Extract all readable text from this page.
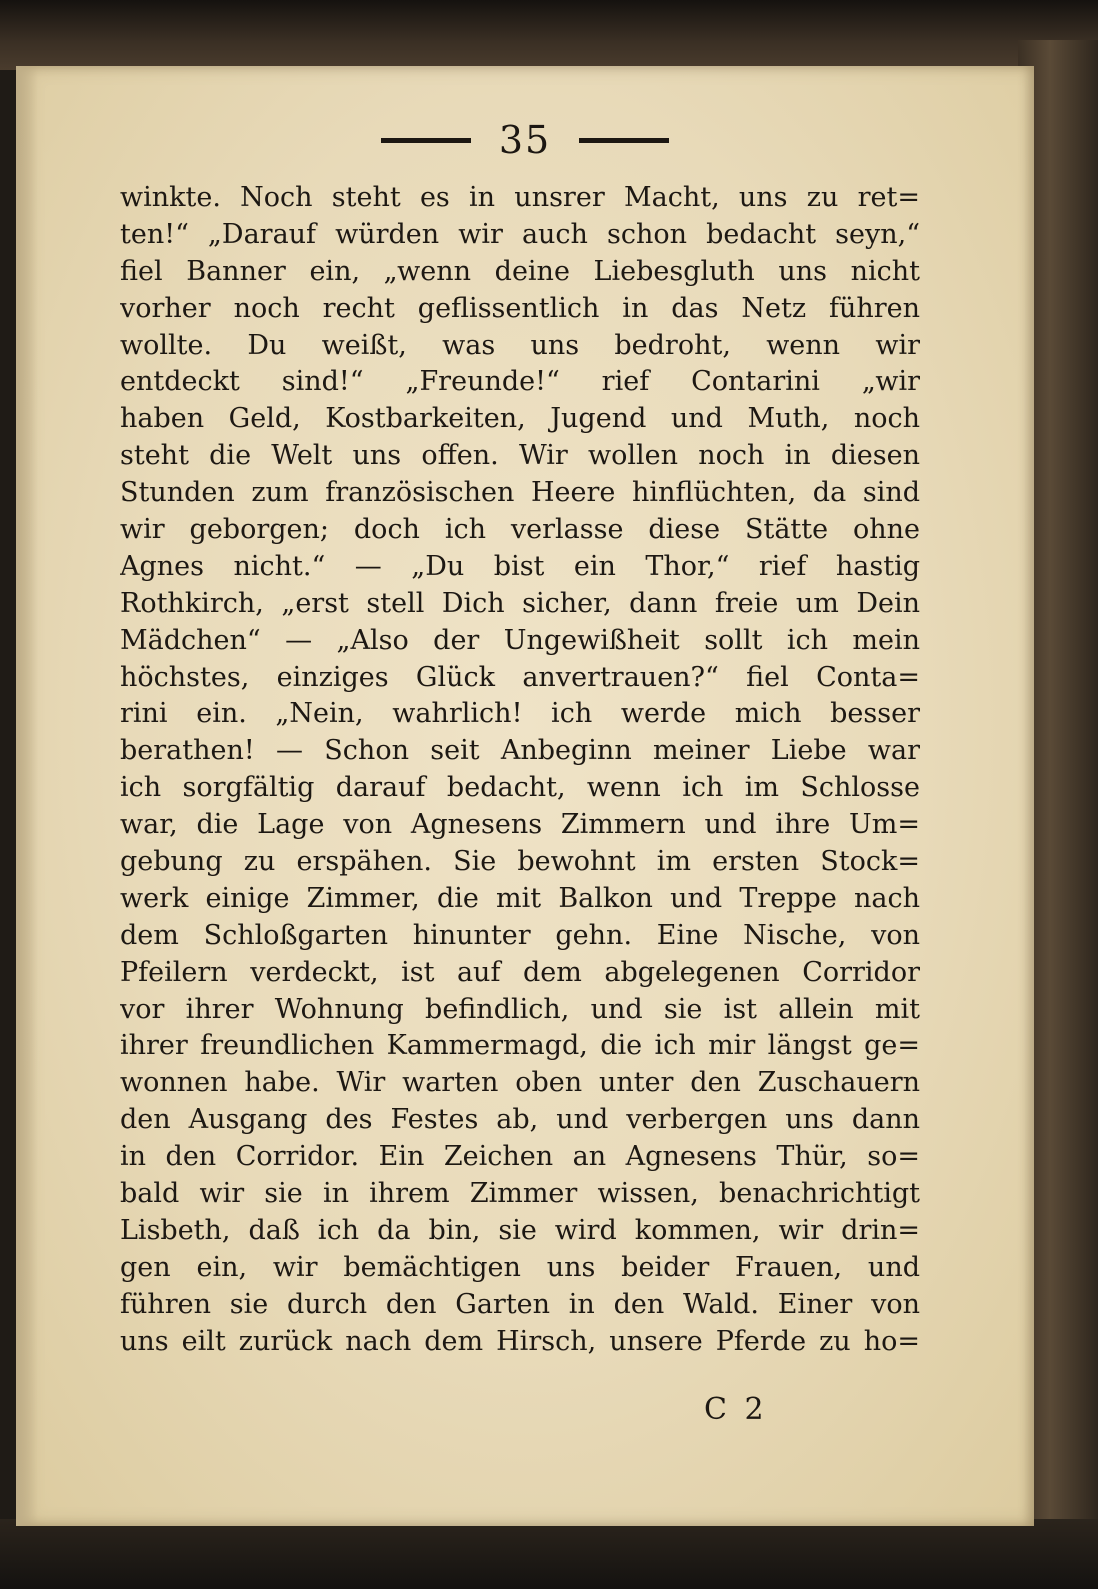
35
winkte. Noch steht es in unsrer Macht, uns zu ret=
ten!“ „Darauf würden wir auch schon bedacht seyn,“
fiel Banner ein, „wenn deine Liebesgluth uns nicht
vorher noch recht geflissentlich in das Netz führen
wollte. Du weißt, was uns bedroht, wenn wir
entdeckt sind!“ „Freunde!“ rief Contarini „wir
haben Geld, Kostbarkeiten, Jugend und Muth, noch
steht die Welt uns offen. Wir wollen noch in diesen
Stunden zum französischen Heere hinflüchten, da sind
wir geborgen; doch ich verlasse diese Stätte ohne
Agnes nicht.“ — „Du bist ein Thor,“ rief hastig
Rothkirch, „erst stell Dich sicher, dann freie um Dein
Mädchen“ — „Also der Ungewißheit sollt ich mein
höchstes, einziges Glück anvertrauen?“ fiel Conta=
rini ein. „Nein, wahrlich! ich werde mich besser
berathen! — Schon seit Anbeginn meiner Liebe war
ich sorgfältig darauf bedacht, wenn ich im Schlosse
war, die Lage von Agnesens Zimmern und ihre Um=
gebung zu erspähen. Sie bewohnt im ersten Stock=
werk einige Zimmer, die mit Balkon und Treppe nach
dem Schloßgarten hinunter gehn. Eine Nische, von
Pfeilern verdeckt, ist auf dem abgelegenen Corridor
vor ihrer Wohnung befindlich, und sie ist allein mit
ihrer freundlichen Kammermagd, die ich mir längst ge=
wonnen habe. Wir warten oben unter den Zuschauern
den Ausgang des Festes ab, und verbergen uns dann
in den Corridor. Ein Zeichen an Agnesens Thür, so=
bald wir sie in ihrem Zimmer wissen, benachrichtigt
Lisbeth, daß ich da bin, sie wird kommen, wir drin=
gen ein, wir bemächtigen uns beider Frauen, und
führen sie durch den Garten in den Wald. Einer von
uns eilt zurück nach dem Hirsch, unsere Pferde zu ho=
C 2
